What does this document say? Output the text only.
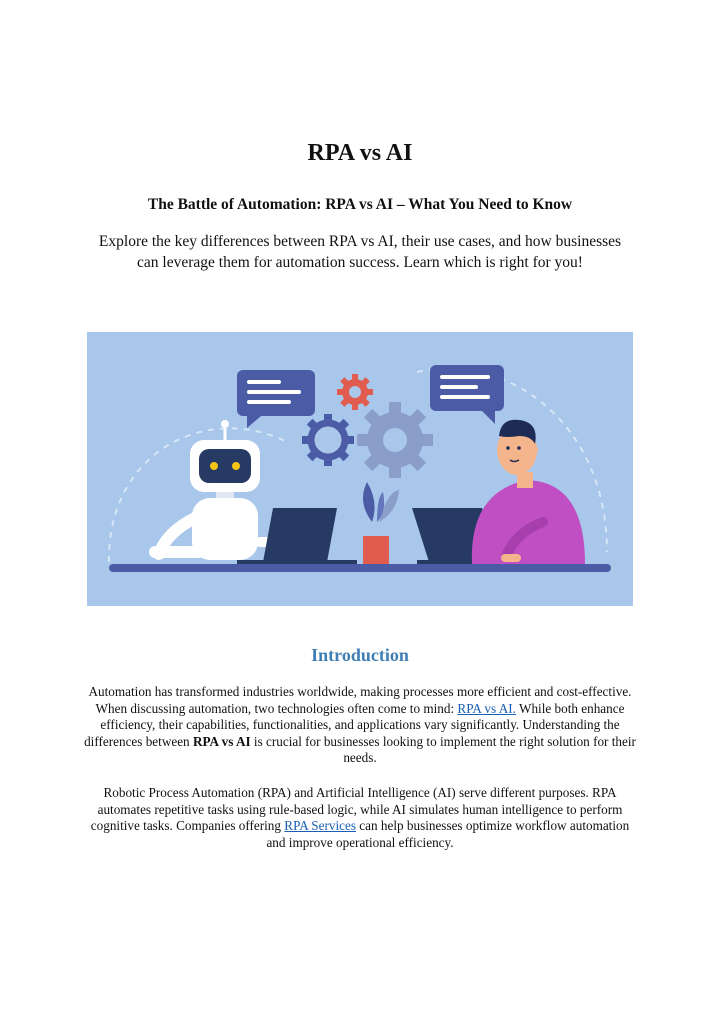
RPA vs AI
The Battle of Automation: RPA vs AI – What You Need to Know
Explore the key differences between RPA vs AI, their use cases, and how businesses can leverage them for automation success. Learn which is right for you!
Introduction
Automation has transformed industries worldwide, making processes more efficient and cost-effective. When discussing automation, two technologies often come to mind: RPA vs AI. While both enhance efficiency, their capabilities, functionalities, and applications vary significantly. Understanding the differences between RPA vs AI is crucial for businesses looking to implement the right solution for their needs.
Robotic Process Automation (RPA) and Artificial Intelligence (AI) serve different purposes. RPA automates repetitive tasks using rule-based logic, while AI simulates human intelligence to perform cognitive tasks. Companies offering RPA Services can help businesses optimize workflow automation and improve operational efficiency.
